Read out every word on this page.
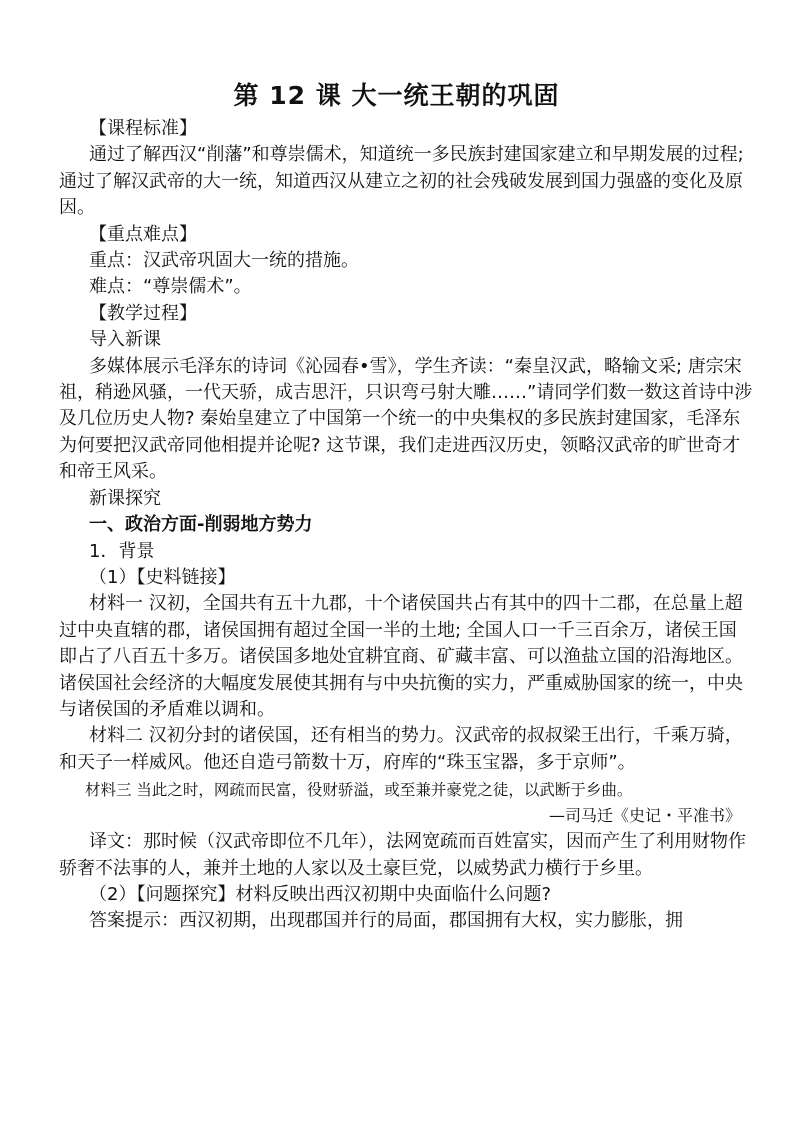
第 12 课 大一统王朝的巩固

【课程标准】

通过了解西汉“削藩”和尊崇儒术，知道统一多民族封建国家建立和早期发展的过程; 通过了解汉武帝的大一统，知道西汉从建立之初的社会残破发展到国力强盛的变化及原因。

【重点难点】

重点：汉武帝巩固大一统的措施。

难点：“尊崇儒术”。

【教学过程】

导入新课

多媒体展示毛泽东的诗词《沁园春•雪》，学生齐读：“秦皇汉武，略输文采; 唐宗宋祖，稍逊风骚，一代天骄，成吉思汗，只识弯弓射大雕……”请同学们数一数这首诗中涉及几位历史人物? 秦始皇建立了中国第一个统一的中央集权的多民族封建国家，毛泽东为何要把汉武帝同他相提并论呢? 这节课，我们走进西汉历史，领略汉武帝的旷世奇才和帝王风采。

新课探究

一、政治方面-削弱地方势力

1．背景

（1）【史料链接】

材料一 汉初，全国共有五十九郡，十个诸侯国共占有其中的四十二郡，在总量上超过中央直辖的郡，诸侯国拥有超过全国一半的土地; 全国人口一千三百余万，诸侯王国即占了八百五十多万。诸侯国多地处宜耕宜商、矿藏丰富、可以渔盐立国的沿海地区。诸侯国社会经济的大幅度发展使其拥有与中央抗衡的实力，严重威胁国家的统一，中央与诸侯国的矛盾难以调和。

材料二 汉初分封的诸侯国，还有相当的势力。汉武帝的叔叔梁王出行，千乘万骑，和天子一样威风。他还自造弓箭数十万，府库的“珠玉宝器，多于京师”。

材料三 当此之时，网疏而民富，役财骄溢，或至兼并豪党之徒，以武断于乡曲。

—司马迁《史记・平准书》

译文：那时候（汉武帝即位不几年），法网宽疏而百姓富实，因而产生了利用财物作骄奢不法事的人，兼并土地的人家以及土豪巨党，以威势武力横行于乡里。

（2）【问题探究】材料反映出西汉初期中央面临什么问题?

答案提示：西汉初期，出现郡国并行的局面，郡国拥有大权，实力膨胀，拥
